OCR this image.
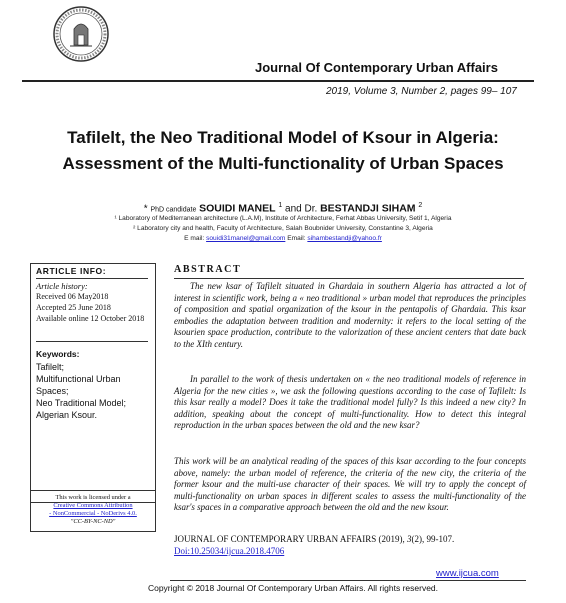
Journal Of Contemporary Urban Affairs
2019, Volume 3, Number 2, pages 99– 107
Tafilelt, the Neo Traditional Model of Ksour in Algeria:
Assessment of the Multi-functionality of Urban Spaces
* PhD candidate SOUIDI MANEL $^1$ and Dr. BESTANDJI SIHAM $^2$
¹ Laboratory of Mediterranean architecture (L.A.M), Institute of Architecture, Ferhat Abbas University, Setif 1, Algeria
² Laboratory city and health, Faculty of Architecture, Salah Boubnider University, Constantine 3, Algeria
E mail: souidi31manel@gmail.com Email: sihambestandji@yahoo.fr
ARTICLE INFO:
Article history:
Received 06 May2018
Accepted 25 June 2018
Available online 12 October 2018
Keywords:
Tafilelt;
Multifunctional Urban
Spaces;
Neo Traditional Model;
Algerian Ksour.
This work is licensed under a
Creative Commons Attribution
- NonCommercial - NoDerivs 4.0.
"CC-BY-NC-ND"
ABSTRACT
The new ksar of Tafilelt situated in Ghardaia in southern Algeria has attracted a lot of interest in scientific work, being a « neo traditional » urban model that reproduces the principles of composition and spatial organization of the ksour in the pentapolis of Ghardaia. This ksar embodies the adaptation between tradition and modernity: it refers to the local setting of the ksourien space production, contribute to the valorization of these ancient centers that date back to the XIth century.
In parallel to the work of thesis undertaken on « the neo traditional models of reference in Algeria for the new cities », we ask the following questions according to the case of Tafilelt: Is this ksar really a model? Does it take the traditional model fully? Is this indeed a new city? In addition, speaking about the concept of multi-functionality. How to detect this integral reproduction in the urban spaces between the old and the new ksar?
This work will be an analytical reading of the spaces of this ksar according to the four concepts above, namely: the urban model of reference, the criteria of the new city, the criteria of the former ksour and the multi-use character of their spaces. We will try to apply the concept of multi-functionality on urban spaces in different scales to assess the multi-functionality of the ksar's spaces in a comparative approach between the old and the new ksour.
JOURNAL OF CONTEMPORARY URBAN AFFAIRS (2019), 3(2), 99-107.
Doi:10.25034/ijcua.2018.4706
www.ijcua.com
Copyright © 2018 Journal Of Contemporary Urban Affairs. All rights reserved.
